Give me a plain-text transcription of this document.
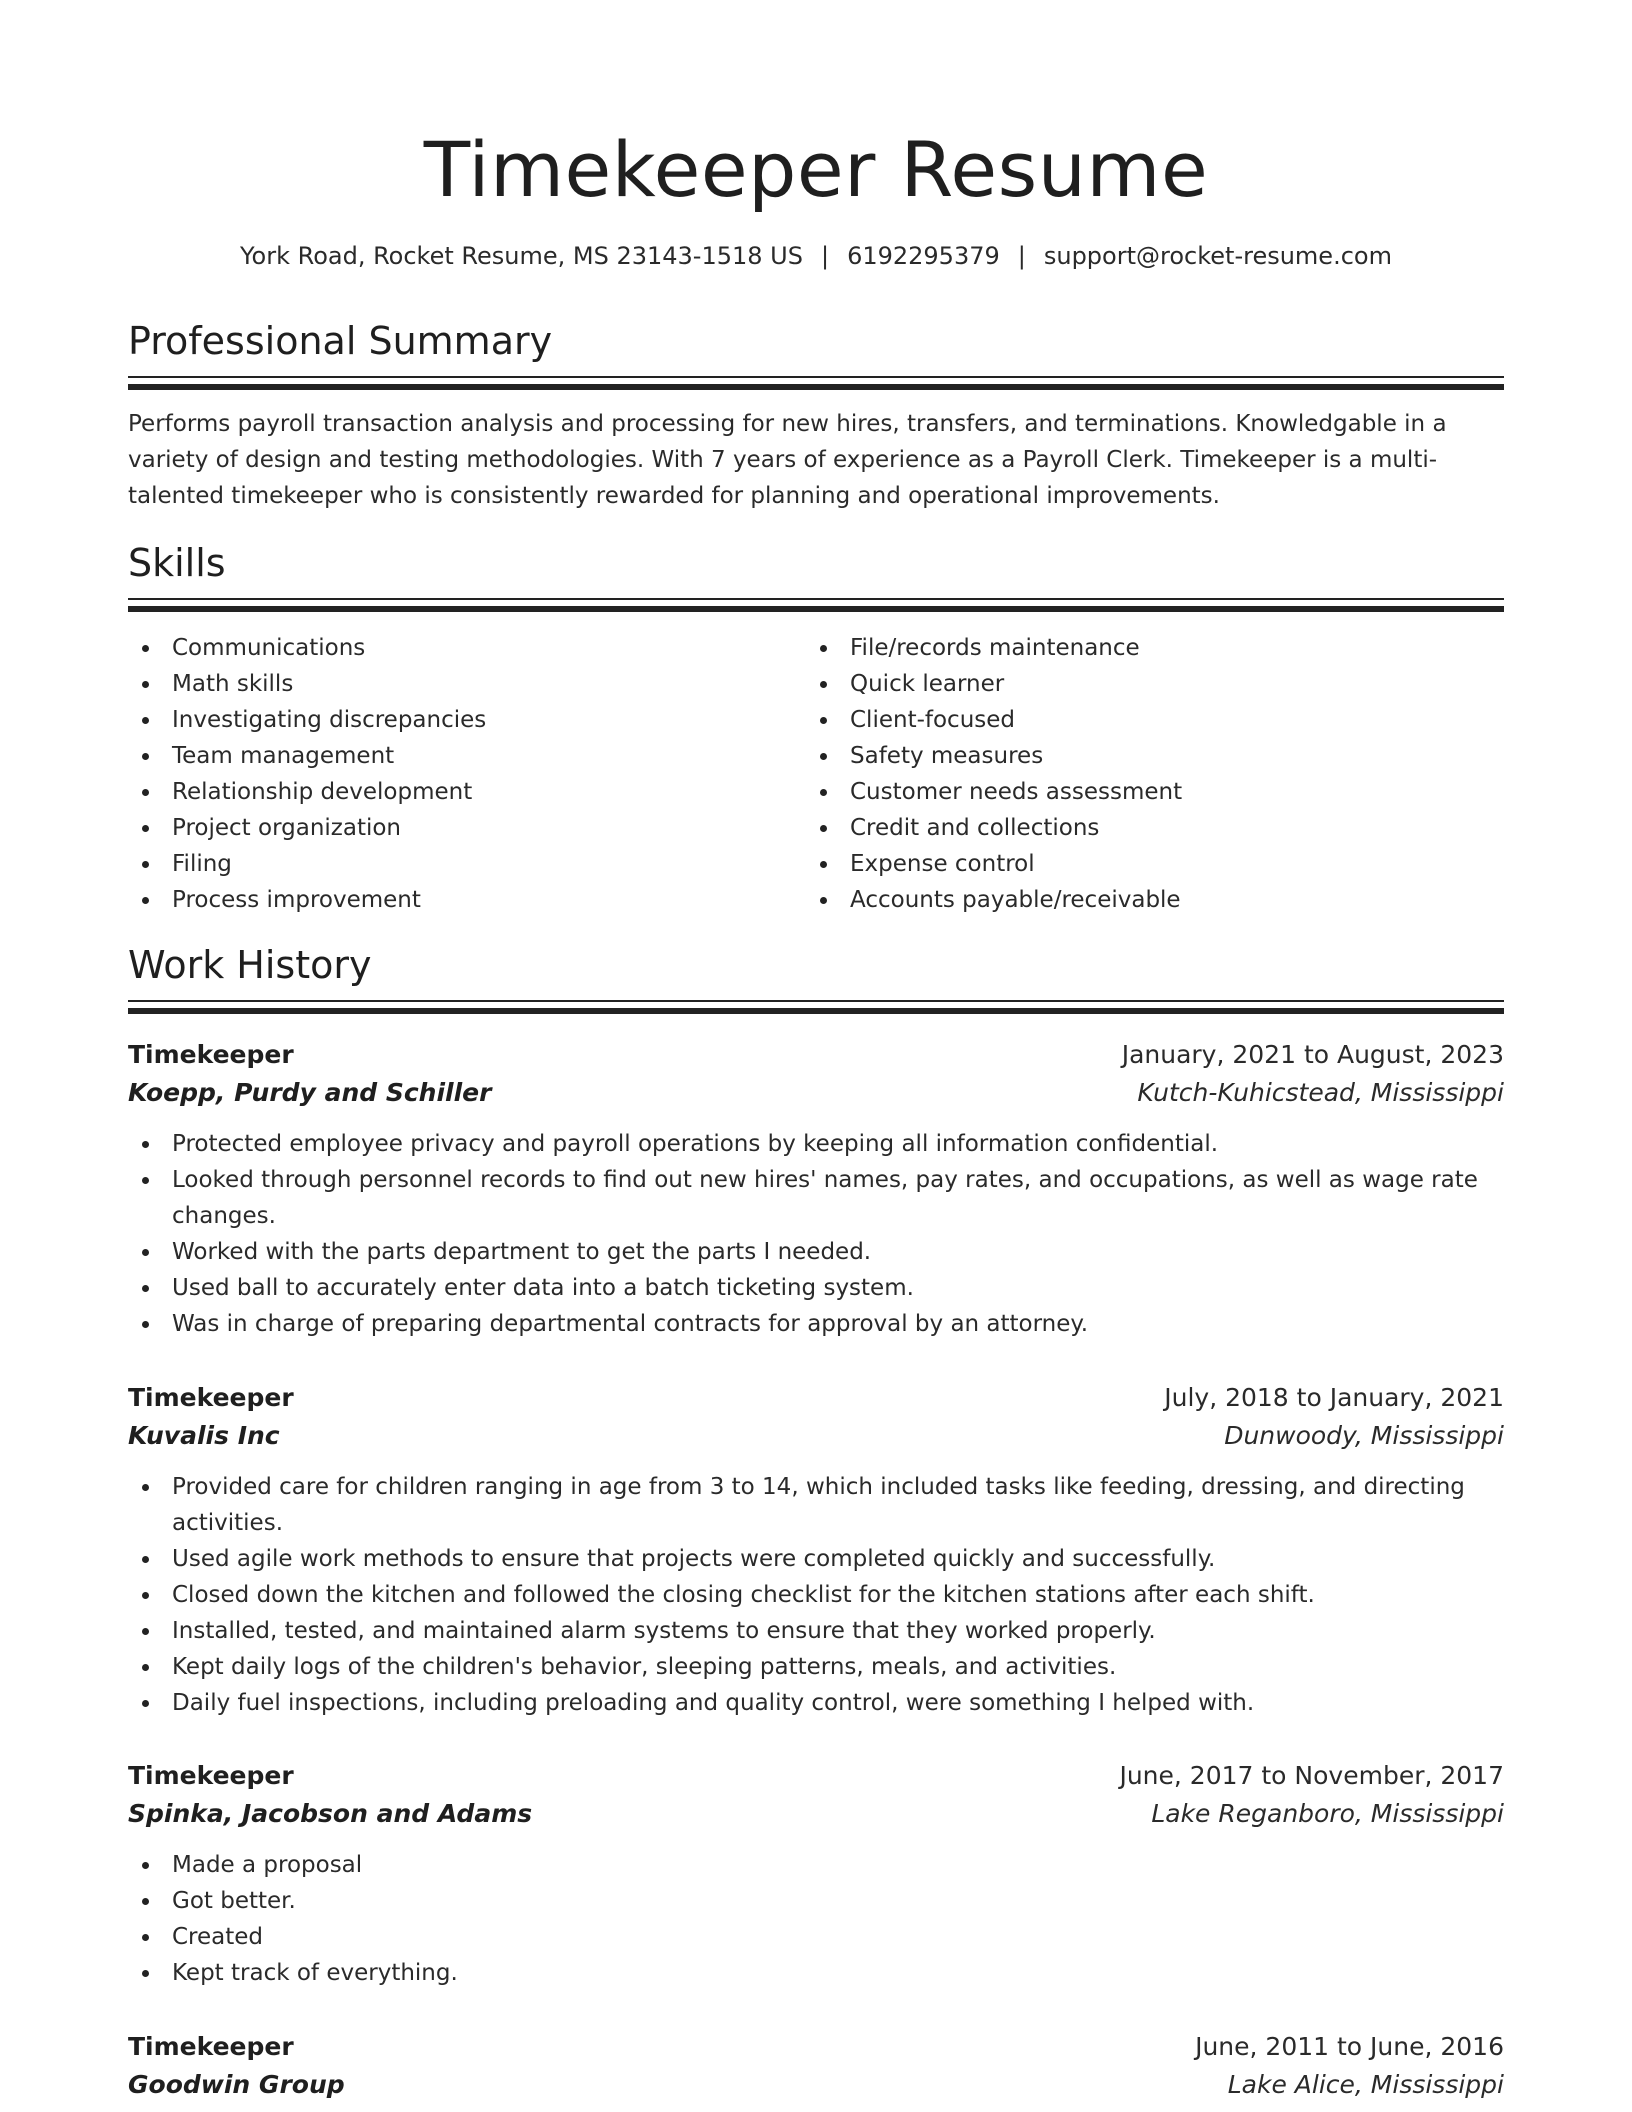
Timekeeper Resume
York Road, Rocket Resume, MS 23143-1518 US | 6192295379 | support@rocket-resume.com
Professional Summary

Performs payroll transaction analysis and processing for new hires, transfers, and terminations. Knowledgable in a variety of design and testing methodologies. With 7 years of experience as a Payroll Clerk. Timekeeper is a multi-talented timekeeper who is consistently rewarded for planning and operational improvements.

Skills
Communications
Math skills
Investigating discrepancies
Team management
Relationship development
Project organization
Filing
Process improvement
File/records maintenance
Quick learner
Client-focused
Safety measures
Customer needs assessment
Credit and collections
Expense control
Accounts payable/receivable
Work History
Timekeeper	January, 2021 to August, 2023
Koepp, Purdy and Schiller	Kutch-Kuhicstead, Mississippi
Protected employee privacy and payroll operations by keeping all information confidential.
Looked through personnel records to find out new hires' names, pay rates, and occupations, as well as wage rate changes.
Worked with the parts department to get the parts I needed.
Used ball to accurately enter data into a batch ticketing system.
Was in charge of preparing departmental contracts for approval by an attorney.
Timekeeper	July, 2018 to January, 2021
Kuvalis Inc	Dunwoody, Mississippi
Provided care for children ranging in age from 3 to 14, which included tasks like feeding, dressing, and directing activities.
Used agile work methods to ensure that projects were completed quickly and successfully.
Closed down the kitchen and followed the closing checklist for the kitchen stations after each shift.
Installed, tested, and maintained alarm systems to ensure that they worked properly.
Kept daily logs of the children's behavior, sleeping patterns, meals, and activities.
Daily fuel inspections, including preloading and quality control, were something I helped with.
Timekeeper	June, 2017 to November, 2017
Spinka, Jacobson and Adams	Lake Reganboro, Mississippi
Made a proposal
Got better.
Created
Kept track of everything.
Timekeeper	June, 2011 to June, 2016
Goodwin Group	Lake Alice, Mississippi
